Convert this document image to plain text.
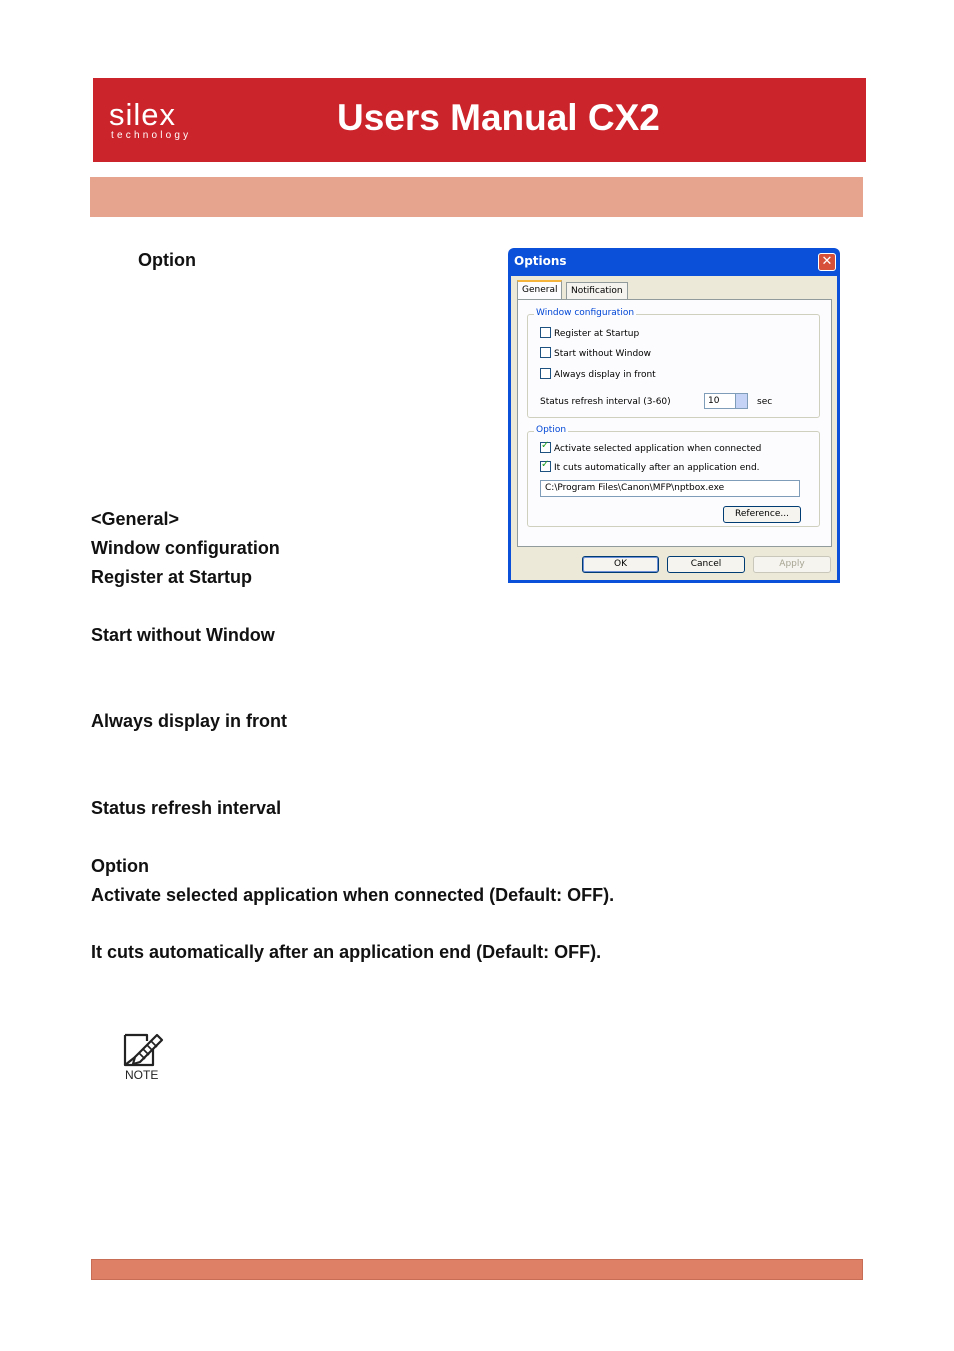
silex
technology	Users Manual CX2
Option
<General>
Window configuration
Register at Startup
Start without Window
Always display in front
Status refresh interval
Option
Activate selected application when connected (Default: OFF).
It cuts automatically after an application end (Default: OFF).
Options	✕
General	Notification
Window configuration
Register at Startup
Start without Window
Always display in front
Status refresh interval (3-60)	10	sec
Option
✓Activate selected application when connected
✓It cuts automatically after an application end.
C:\Program Files\Canon\MFP\nptbox.exe
Reference...
OK	Cancel	Apply
NOTE
